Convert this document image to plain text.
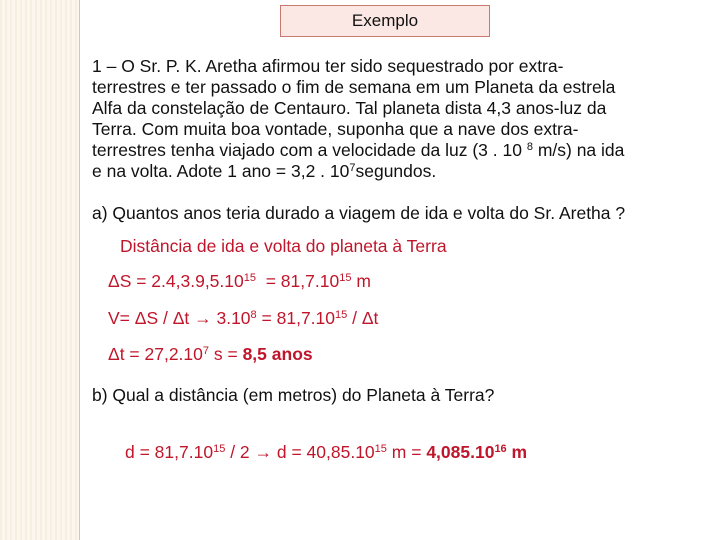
Exemplo

1 – O Sr. P. K. Aretha afirmou ter sido sequestrado por extra-

terrestres e ter passado o fim de semana em um Planeta da estrela

Alfa da constelação de Centauro. Tal planeta dista 4,3 anos-luz da

Terra. Com muita boa vontade, suponha que a nave dos extra-

terrestres tenha viajado com a velocidade da luz (3 . 10 $^8$ m/s) na ida

e na volta. Adote 1 ano = 3,2 . $10^7segundos$.

a) Quantos anos teria durado a viagem de ida e volta do Sr. Aretha ?
Distância de ida e volta do planeta à Terra
$\Delta S = 2.4,3.9,5.10^{15} = 81,7.10^{15}$ m
$V= \Delta S / \Delta t \to 3.10^8 = 81,7.10^{15} / \Delta t$
$\Delta t = 27,2.10^7$ s = 8,5 anos
b) Qual a distância (em metros) do Planeta à Terra?
$d = 81,7.10^{15} / 2 \to d = 40,85.10^{15}$ $m = 4,085.10^{16}$ m
